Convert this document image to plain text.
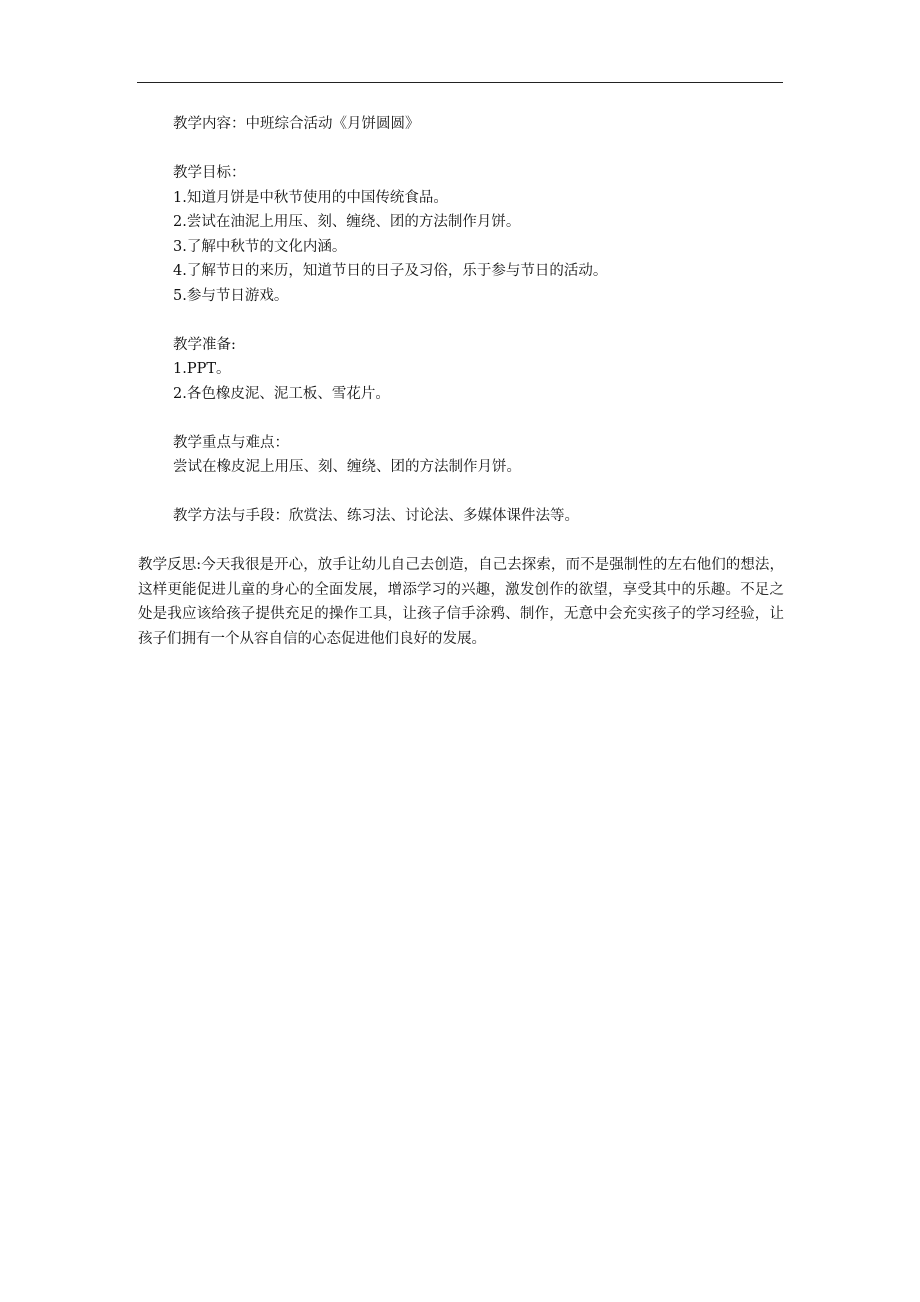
教学内容：中班综合活动《月饼圆圆》
教学目标：
1.知道月饼是中秋节使用的中国传统食品。
2.尝试在油泥上用压、刻、缠绕、团的方法制作月饼。
3.了解中秋节的文化内涵。
4.了解节日的来历，知道节日的日子及习俗，乐于参与节日的活动。
5.参与节日游戏。
教学准备:
1.PPT。
2.各色橡皮泥、泥工板、雪花片。
教学重点与难点：
尝试在橡皮泥上用压、刻、缠绕、团的方法制作月饼。
教学方法与手段：欣赏法、练习法、讨论法、多媒体课件法等。
教学反思:今天我很是开心，放手让幼儿自己去创造，自己去探索，而不是强制性的左右他们的想法，这样更能促进儿童的身心的全面发展，增添学习的兴趣，激发创作的欲望，享受其中的乐趣。不足之处是我应该给孩子提供充足的操作工具，让孩子信手涂鸦、制作，无意中会充实孩子的学习经验，让孩子们拥有一个从容自信的心态促进他们良好的发展。
